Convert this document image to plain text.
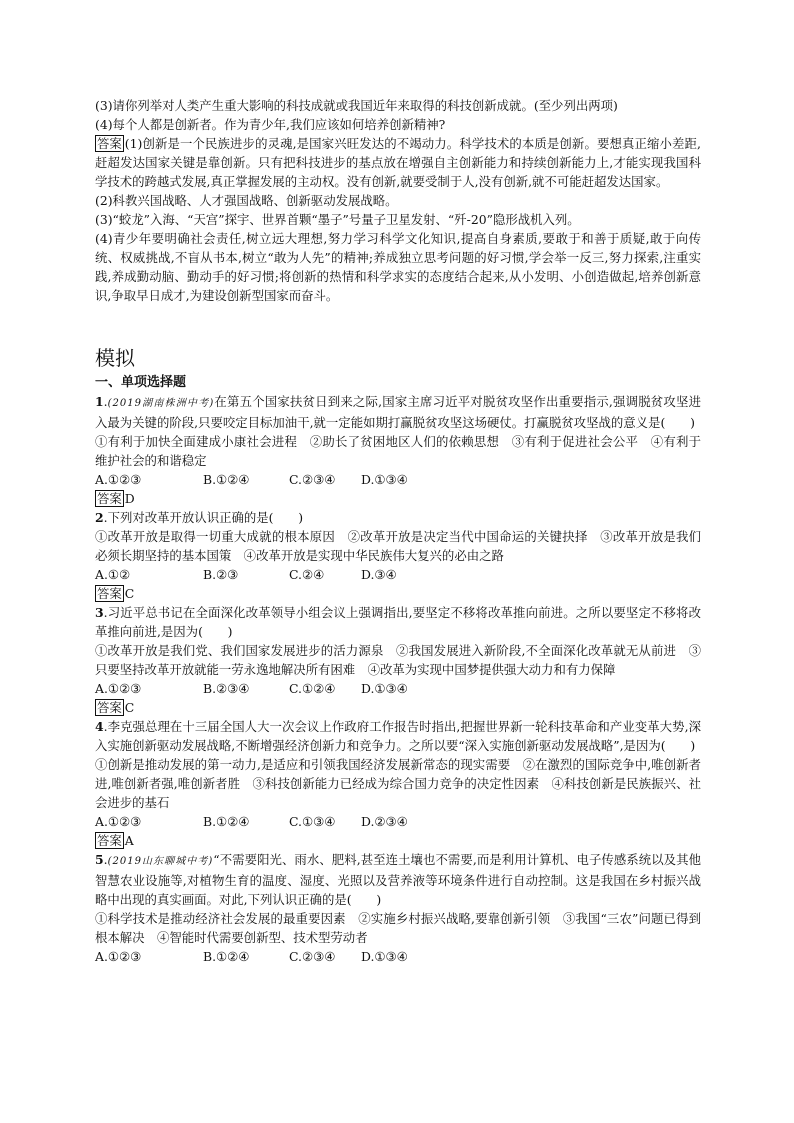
(3)请你列举对人类产生重大影响的科技成就或我国近年来取得的科技创新成就。(至少列出两项)

(4)每个人都是创新者。作为青少年,我们应该如何培养创新精神?

答案 (1)创新是一个民族进步的灵魂,是国家兴旺发达的不竭动力。科学技术的本质是创新。要想真正缩小差距,赶超发达国家关键是靠创新。只有把科技进步的基点放在增强自主创新能力和持续创新能力上,才能实现我国科学技术的跨越式发展,真正掌握发展的主动权。没有创新,就要受制于人,没有创新,就不可能赶超发达国家。

(2)科教兴国战略、人才强国战略、创新驱动发展战略。

(3)“蛟龙”入海、“天宫”探宇、世界首颗“墨子”号量子卫星发射、“歼-20”隐形战机入列。

(4)青少年要明确社会责任,树立远大理想,努力学习科学文化知识,提高自身素质,要敢于和善于质疑,敢于向传统、权威挑战,不盲从书本,树立“敢为人先”的精神;养成独立思考问题的好习惯,学会举一反三,努力探索,注重实践,养成勤动脑、勤动手的好习惯;将创新的热情和科学求实的态度结合起来,从小发明、小创造做起,培养创新意识,争取早日成才,为建设创新型国家而奋斗。

模拟
一、单项选择题

1.(2019湖南株洲中考)在第五个国家扶贫日到来之际,国家主席习近平对脱贫攻坚作出重要指示,强调脱贫攻坚进入最为关键的阶段,只要咬定目标加油干,就一定能如期打赢脱贫攻坚这场硬仗。打赢脱贫攻坚战的意义是(　　)

①有利于加快全面建成小康社会进程　②助长了贫困地区人们的依赖思想　③有利于促进社会公平　④有利于维护社会的和谐稳定

A.①②③	B.①②④	C.②③④	D.①③④
答案 D

2.下列对改革开放认识正确的是(　　)

①改革开放是取得一切重大成就的根本原因　②改革开放是决定当代中国命运的关键抉择　③改革开放是我们必须长期坚持的基本国策　④改革开放是实现中华民族伟大复兴的必由之路

A.①②	B.②③	C.②④	D.③④
答案 C

3.习近平总书记在全面深化改革领导小组会议上强调指出,要坚定不移将改革推向前进。之所以要坚定不移将改革推向前进,是因为(　　)

①改革开放是我们党、我们国家发展进步的活力源泉　②我国发展进入新阶段,不全面深化改革就无从前进　③只要坚持改革开放就能一劳永逸地解决所有困难　④改革为实现中国梦提供强大动力和有力保障

A.①②③	B.②③④	C.①②④	D.①③④
答案 C

4.李克强总理在十三届全国人大一次会议上作政府工作报告时指出,把握世界新一轮科技革命和产业变革大势,深入实施创新驱动发展战略,不断增强经济创新力和竞争力。之所以要“深入实施创新驱动发展战略”,是因为(　　)

①创新是推动发展的第一动力,是适应和引领我国经济发展新常态的现实需要　②在激烈的国际竞争中,唯创新者进,唯创新者强,唯创新者胜　③科技创新能力已经成为综合国力竞争的决定性因素　④科技创新是民族振兴、社会进步的基石

A.①②③	B.①②④	C.①③④	D.②③④
答案 A

5.(2019山东聊城中考)“不需要阳光、雨水、肥料,甚至连土壤也不需要,而是利用计算机、电子传感系统以及其他智慧农业设施等,对植物生育的温度、湿度、光照以及营养液等环境条件进行自动控制。这是我国在乡村振兴战略中出现的真实画面。对此,下列认识正确的是(　　)

①科学技术是推动经济社会发展的最重要因素　②实施乡村振兴战略,要靠创新引领　③我国“三农”问题已得到根本解决　④智能时代需要创新型、技术型劳动者

A.①②③	B.①②④	C.②③④	D.①③④
